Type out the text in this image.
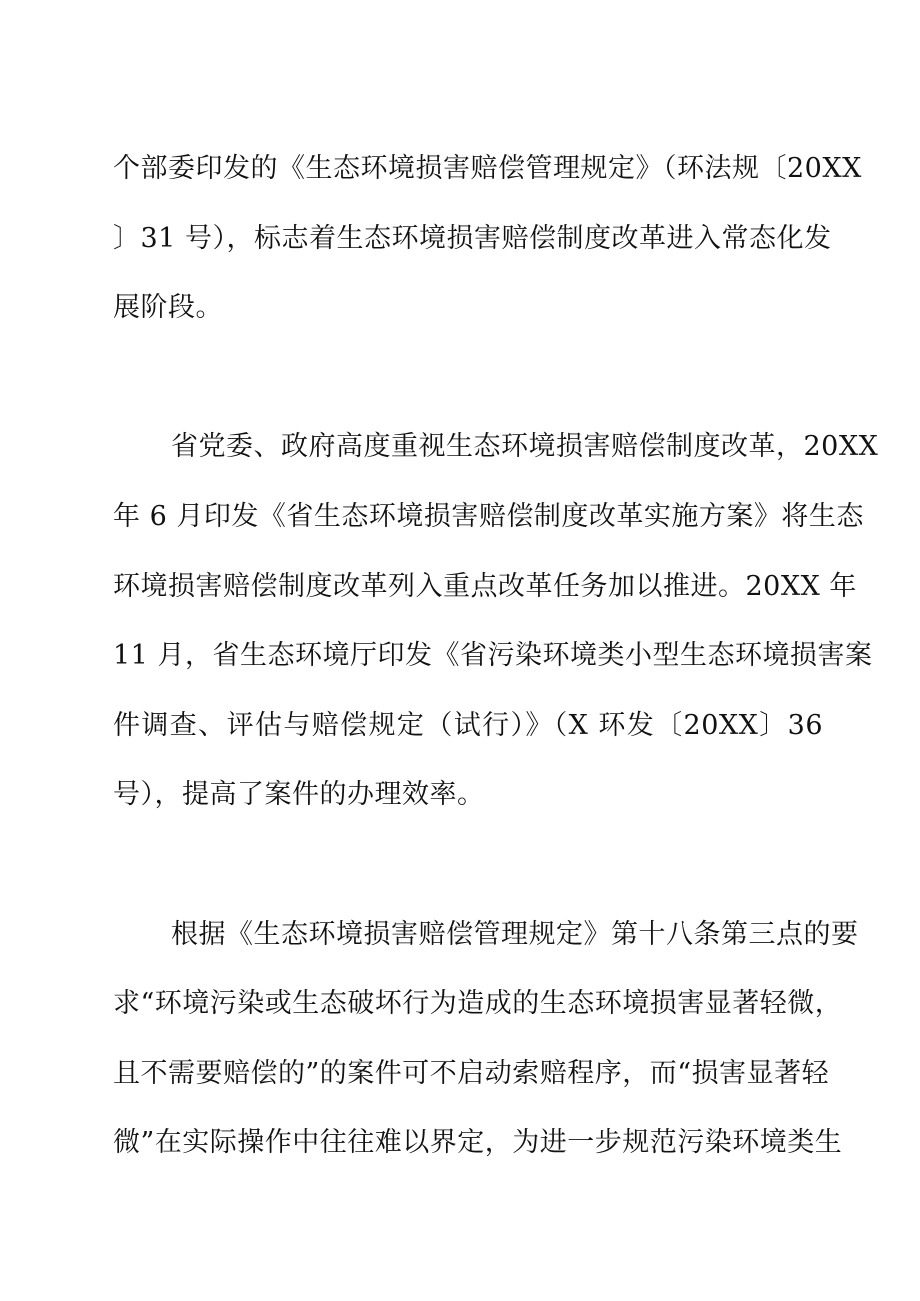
个部委印发的《生态环境损害赔偿管理规定》（环法规〔20XX
〕31 号），标志着生态环境损害赔偿制度改革进入常态化发
展阶段。
省党委、政府高度重视生态环境损害赔偿制度改革，20XX
年 6 月印发《省生态环境损害赔偿制度改革实施方案》将生态
环境损害赔偿制度改革列入重点改革任务加以推进。20XX 年
11 月，省生态环境厅印发《省污染环境类小型生态环境损害案
件调查、评估与赔偿规定（试行）》（X 环发〔20XX〕36
号），提高了案件的办理效率。
根据《生态环境损害赔偿管理规定》第十八条第三点的要
求“环境污染或生态破坏行为造成的生态环境损害显著轻微，
且不需要赔偿的”的案件可不启动索赔程序，而“损害显著轻
微”在实际操作中往往难以界定，为进一步规范污染环境类生
